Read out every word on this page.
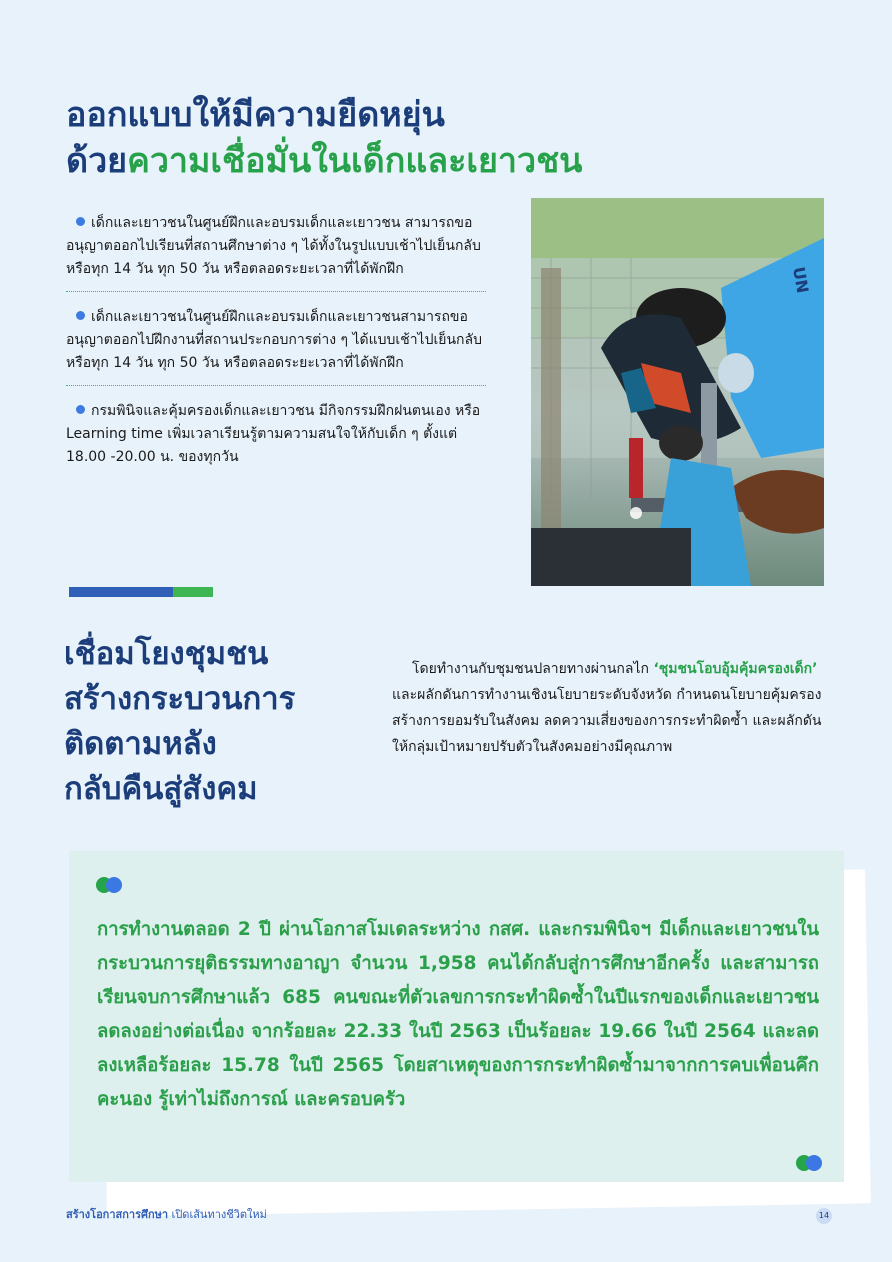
ออกแบบให้มีความยืดหยุ่น
ด้วยความเชื่อมั่นในเด็กและเยาวชน
เด็กและเยาวชนในศูนย์ฝึกและอบรมเด็กและเยาวชน สามารถขออนุญาตออกไปเรียนที่สถานศึกษาต่าง ๆ ได้ทั้งในรูปแบบเช้าไปเย็นกลับ หรือทุก 14 วัน ทุก 50 วัน หรือตลอดระยะเวลาที่ได้พักฝึก
เด็กและเยาวชนในศูนย์ฝึกและอบรมเด็กและเยาวชนสามารถขออนุญาตออกไปฝึกงานที่สถานประกอบการต่าง ๆ ได้แบบเช้าไปเย็นกลับ หรือทุก 14 วัน ทุก 50 วัน หรือตลอดระยะเวลาที่ได้พักฝึก
กรมพินิจและคุ้มครองเด็กและเยาวชน มีกิจกรรมฝึกฝนตนเอง หรือ Learning time เพิ่มเวลาเรียนรู้ตามความสนใจให้กับเด็ก ๆ ตั้งแต่ 18.00 -20.00 น. ของทุกวัน
UN
เชื่อมโยงชุมชน
สร้างกระบวนการ
ติดตามหลัง
กลับคืนสู่สังคม
โดยทำงานกับชุมชนปลายทางผ่านกลไก ‘ชุมชนโอบอุ้มคุ้มครองเด็ก’ และผลักดันการทำงานเชิงนโยบายระดับจังหวัด กำหนดนโยบายคุ้มครอง สร้างการยอมรับในสังคม ลดความเสี่ยงของการกระทำผิดซ้ำ และผลักดันให้กลุ่มเป้าหมายปรับตัวในสังคมอย่างมีคุณภาพ
การทำงานตลอด 2 ปี ผ่านโอกาสโมเดลระหว่าง กสศ. และกรมพินิจฯ มีเด็กและเยาวชนในกระบวนการยุติธรรมทางอาญา จำนวน 1,958 คนได้กลับสู่การศึกษาอีกครั้ง และสามารถเรียนจบการศึกษาแล้ว 685 คนขณะที่ตัวเลขการกระทำผิดซ้ำในปีแรกของเด็กและเยาวชน ลดลงอย่างต่อเนื่อง จากร้อยละ 22.33 ในปี 2563 เป็นร้อยละ 19.66 ในปี 2564 และลดลงเหลือร้อยละ 15.78 ในปี 2565 โดยสาเหตุของการกระทำผิดซ้ำมาจากการคบเพื่อนคึกคะนอง รู้เท่าไม่ถึงการณ์ และครอบครัว
สร้างโอกาสการศึกษา เปิดเส้นทางชีวิตใหม่	14
